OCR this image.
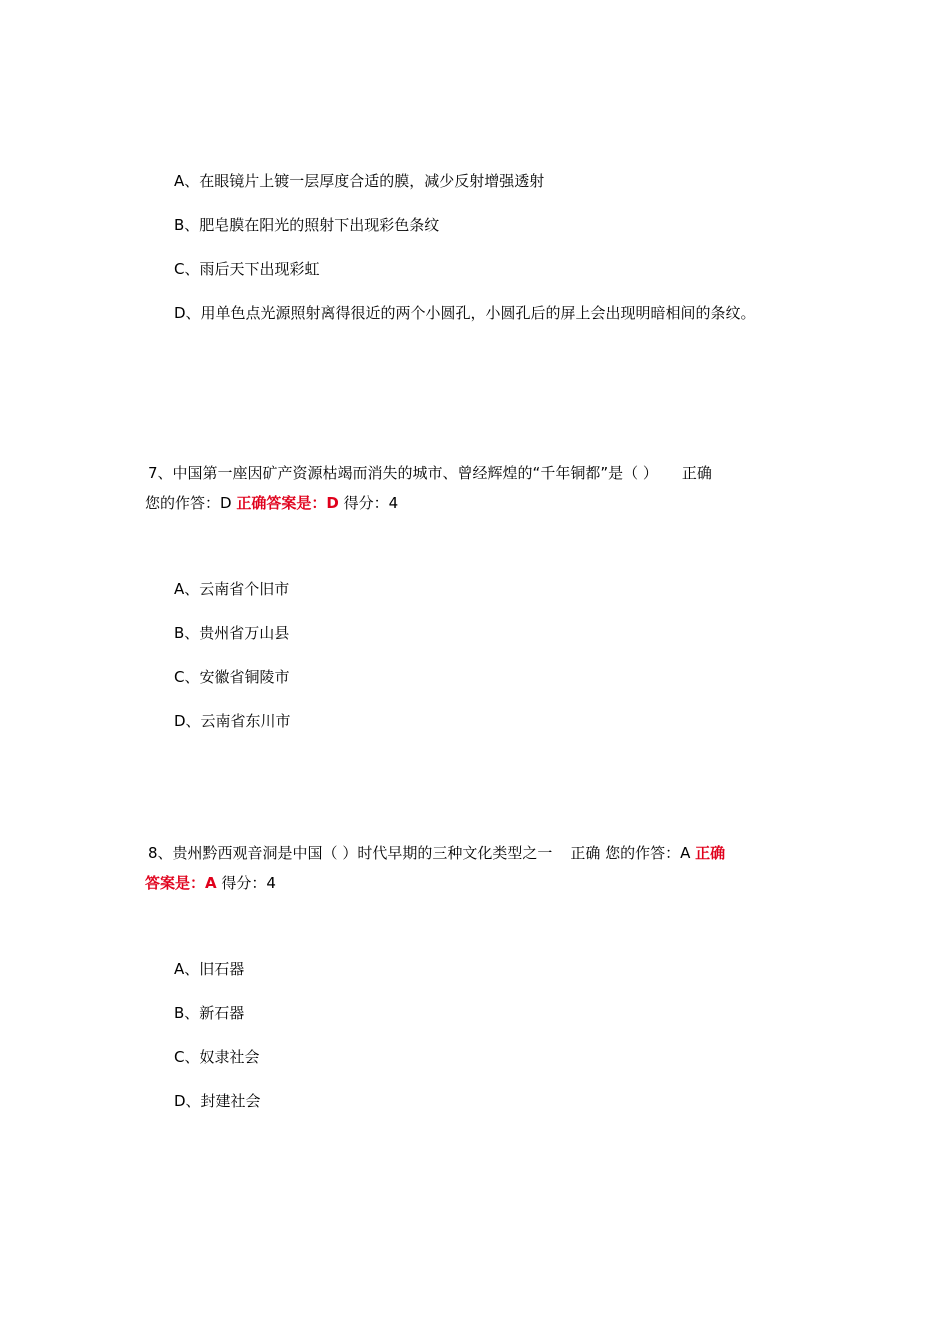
A、在眼镜片上镀一层厚度合适的膜，减少反射增强透射
B、肥皂膜在阳光的照射下出现彩色条纹
C、雨后天下出现彩虹
D、用单色点光源照射离得很近的两个小圆孔，小圆孔后的屏上会出现明暗相间的条纹。
7、中国第一座因矿产资源枯竭而消失的城市、曾经辉煌的“千年铜都”是（ ） 正确
您的作答：D 正确答案是：D 得分：4
A、云南省个旧市
B、贵州省万山县
C、安徽省铜陵市
D、云南省东川市
8、贵州黔西观音洞是中国（ ）时代早期的三种文化类型之一 正确 您的作答：A 正确
答案是：A 得分：4
A、旧石器
B、新石器
C、奴隶社会
D、封建社会
